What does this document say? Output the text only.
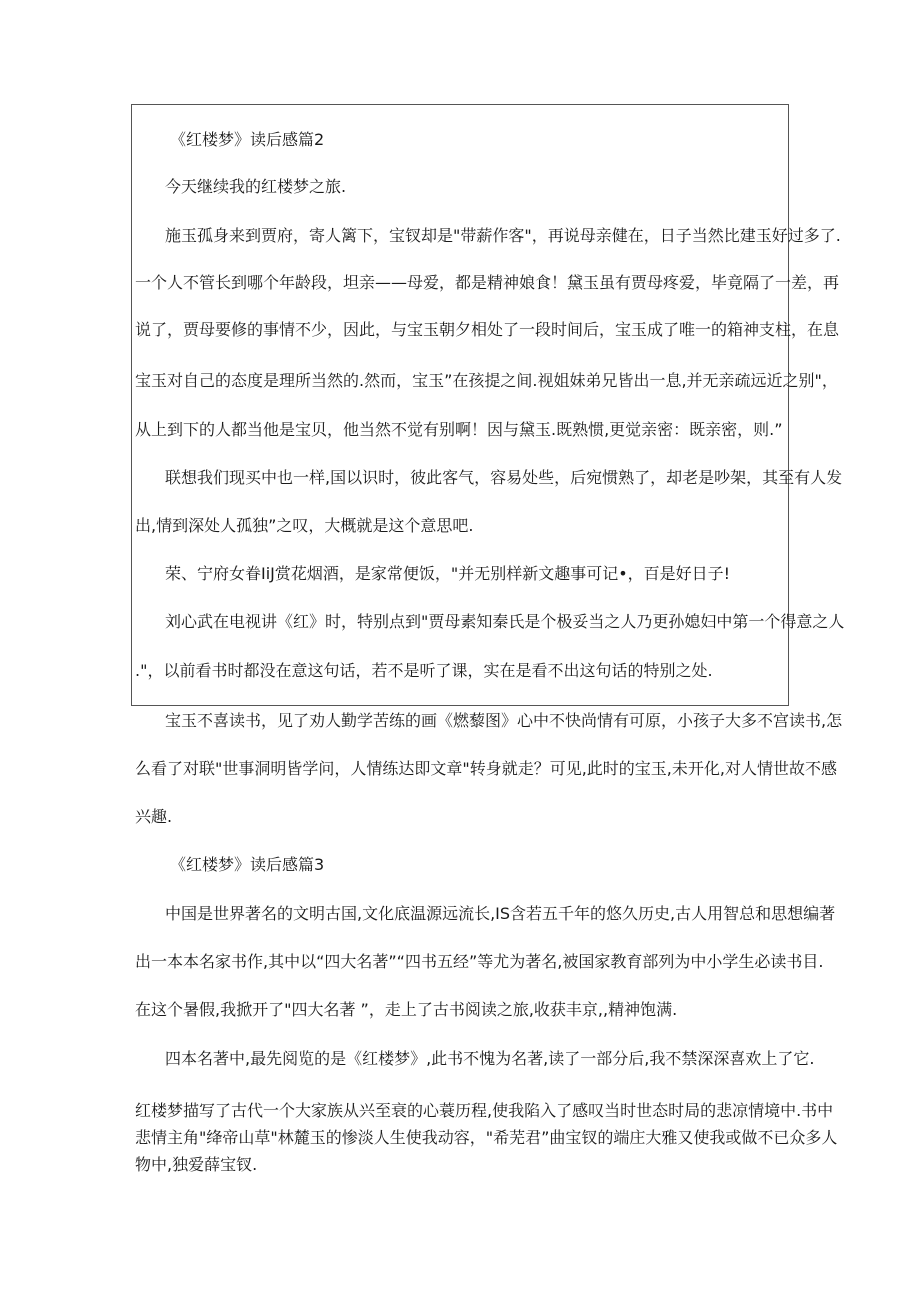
《红楼梦》读后感篇2
今天继续我的红楼梦之旅.
施玉孤身来到贾府，寄人篱下，宝钗却是"带薪作客"，再说母亲健在，日子当然比建玉好过多了.
一个人不管长到哪个年龄段，坦亲——母爱，都是精神娘食！黛玉虽有贾母疼爱，毕竟隔了一差，再
说了，贾母要修的事情不少，因此，与宝玉朝夕相处了一段时间后，宝玉成了唯一的箱神支柱，在息
宝玉对自己的态度是理所当然的.然而，宝玉”在孩提之间.视姐妹弟兄皆出一息,并无亲疏远近之别"，
从上到下的人都当他是宝贝，他当然不觉有别啊！因与黛玉.既熟惯,更觉亲密：既亲密，则.”
联想我们现买中也一样,国以识时，彼此客气，容易处些，后宛惯熟了，却老是吵架，其至有人发
出,情到深处人孤独”之叹，大概就是这个意思吧.
荣、宁府女眷IiJ赏花烟酒，是家常便饭，"并无别样新文趣事可记•，百是好日子!
刘心武在电视讲《红》时，特别点到"贾母素知秦氏是个极妥当之人乃更孙媳妇中第一个得意之人
."，以前看书时都没在意这句话，若不是听了课，实在是看不出这句话的特别之处.
宝玉不喜读书，见了劝人勤学苦练的画《燃藜图》心中不快尚情有可原，小孩子大多不宫读书,怎
么看了对联"世事洞明皆学问，人情练达即文章"转身就走？可见,此时的宝玉,未开化,对人情世故不感
兴趣.
《红楼梦》读后感篇3
中国是世界著名的文明古国,文化底温源远流长,IS含若五千年的悠久历史,古人用智总和思想编著
出一本本名家书作,其中以“四大名著”“四书五经”等尤为著名,被国家教育部列为中小学生必读书目.
在这个暑假,我掀开了"四大名著 ”，走上了古书阅读之旅,收获丰京,,精神饱满.
四本名著中,最先阅览的是《红楼梦》,此书不愧为名著,读了一部分后,我不禁深深喜欢上了它.
红楼梦描写了古代一个大家族从兴至衰的心蓑历程,使我陷入了感叹当时世态时局的悲凉情境中.书中
悲情主角"绛帝山草"林麓玉的惨淡人生使我动容，"希芜君”曲宝钗的端庄大雅又使我或做不已众多人
物中,独爱薛宝钗.
